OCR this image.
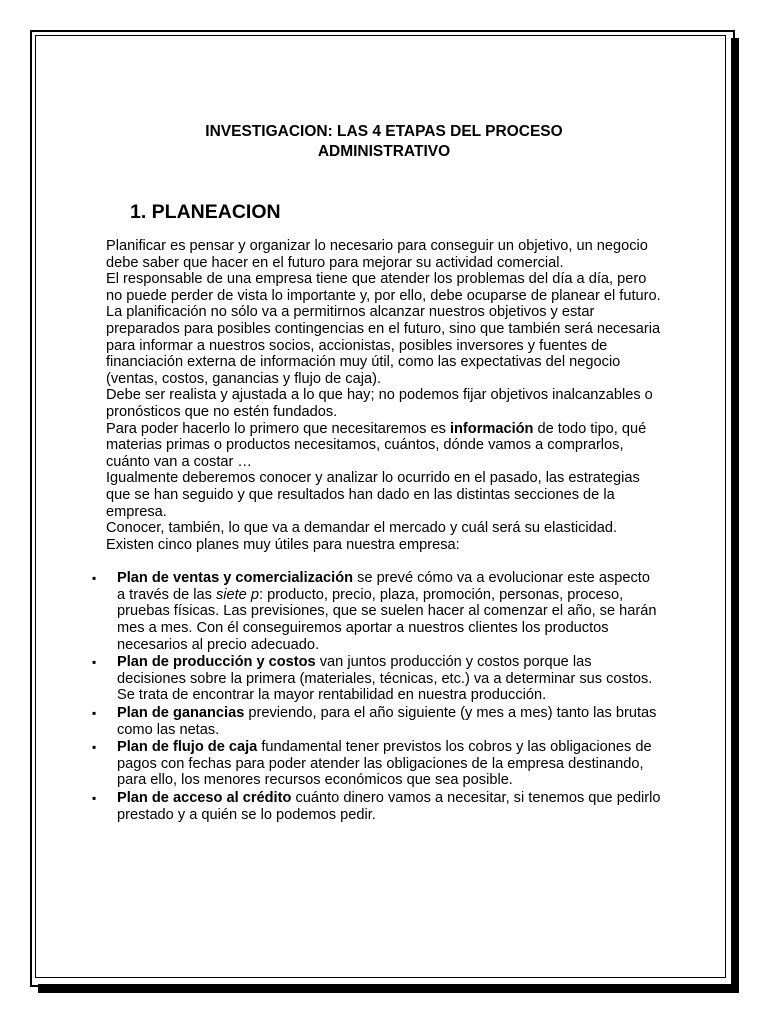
INVESTIGACION: LAS 4 ETAPAS DEL PROCESO
ADMINISTRATIVO
1. PLANEACION

Planificar es pensar y organizar lo necesario para conseguir un objetivo, un negocio debe saber que hacer en el futuro para mejorar su actividad comercial.

El responsable de una empresa tiene que atender los problemas del día a día, pero no puede perder de vista lo importante y, por ello, debe ocuparse de planear el futuro.

La planificación no sólo va a permitirnos alcanzar nuestros objetivos y estar preparados para posibles contingencias en el futuro, sino que también será necesaria para informar a nuestros socios, accionistas, posibles inversores y fuentes de financiación externa de información muy útil, como las expectativas del negocio (ventas, costos, ganancias y flujo de caja).

Debe ser realista y ajustada a lo que hay; no podemos fijar objetivos inalcanzables o pronósticos que no estén fundados.

Para poder hacerlo lo primero que necesitaremos es información de todo tipo, qué materias primas o productos necesitamos, cuántos, dónde vamos a comprarlos, cuánto van a costar …

Igualmente deberemos conocer y analizar lo ocurrido en el pasado, las estrategias que se han seguido y que resultados han dado en las distintas secciones de la empresa.

Conocer, también, lo que va a demandar el mercado y cuál será su elasticidad.

Existen cinco planes muy útiles para nuestra empresa:

▪ Plan de ventas y comercialización se prevé cómo va a evolucionar este aspecto a través de las siete p: producto, precio, plaza, promoción, personas, proceso, pruebas físicas. Las previsiones, que se suelen hacer al comenzar el año, se harán mes a mes. Con él conseguiremos aportar a nuestros clientes los productos necesarios al precio adecuado.
▪ Plan de producción y costos van juntos producción y costos porque las decisiones sobre la primera (materiales, técnicas, etc.) va a determinar sus costos. Se trata de encontrar la mayor rentabilidad en nuestra producción.
▪ Plan de ganancias previendo, para el año siguiente (y mes a mes) tanto las brutas como las netas.
▪ Plan de flujo de caja fundamental tener previstos los cobros y las obligaciones de pagos con fechas para poder atender las obligaciones de la empresa destinando, para ello, los menores recursos económicos que sea posible.
▪ Plan de acceso al crédito cuánto dinero vamos a necesitar, si tenemos que pedirlo prestado y a quién se lo podemos pedir.
